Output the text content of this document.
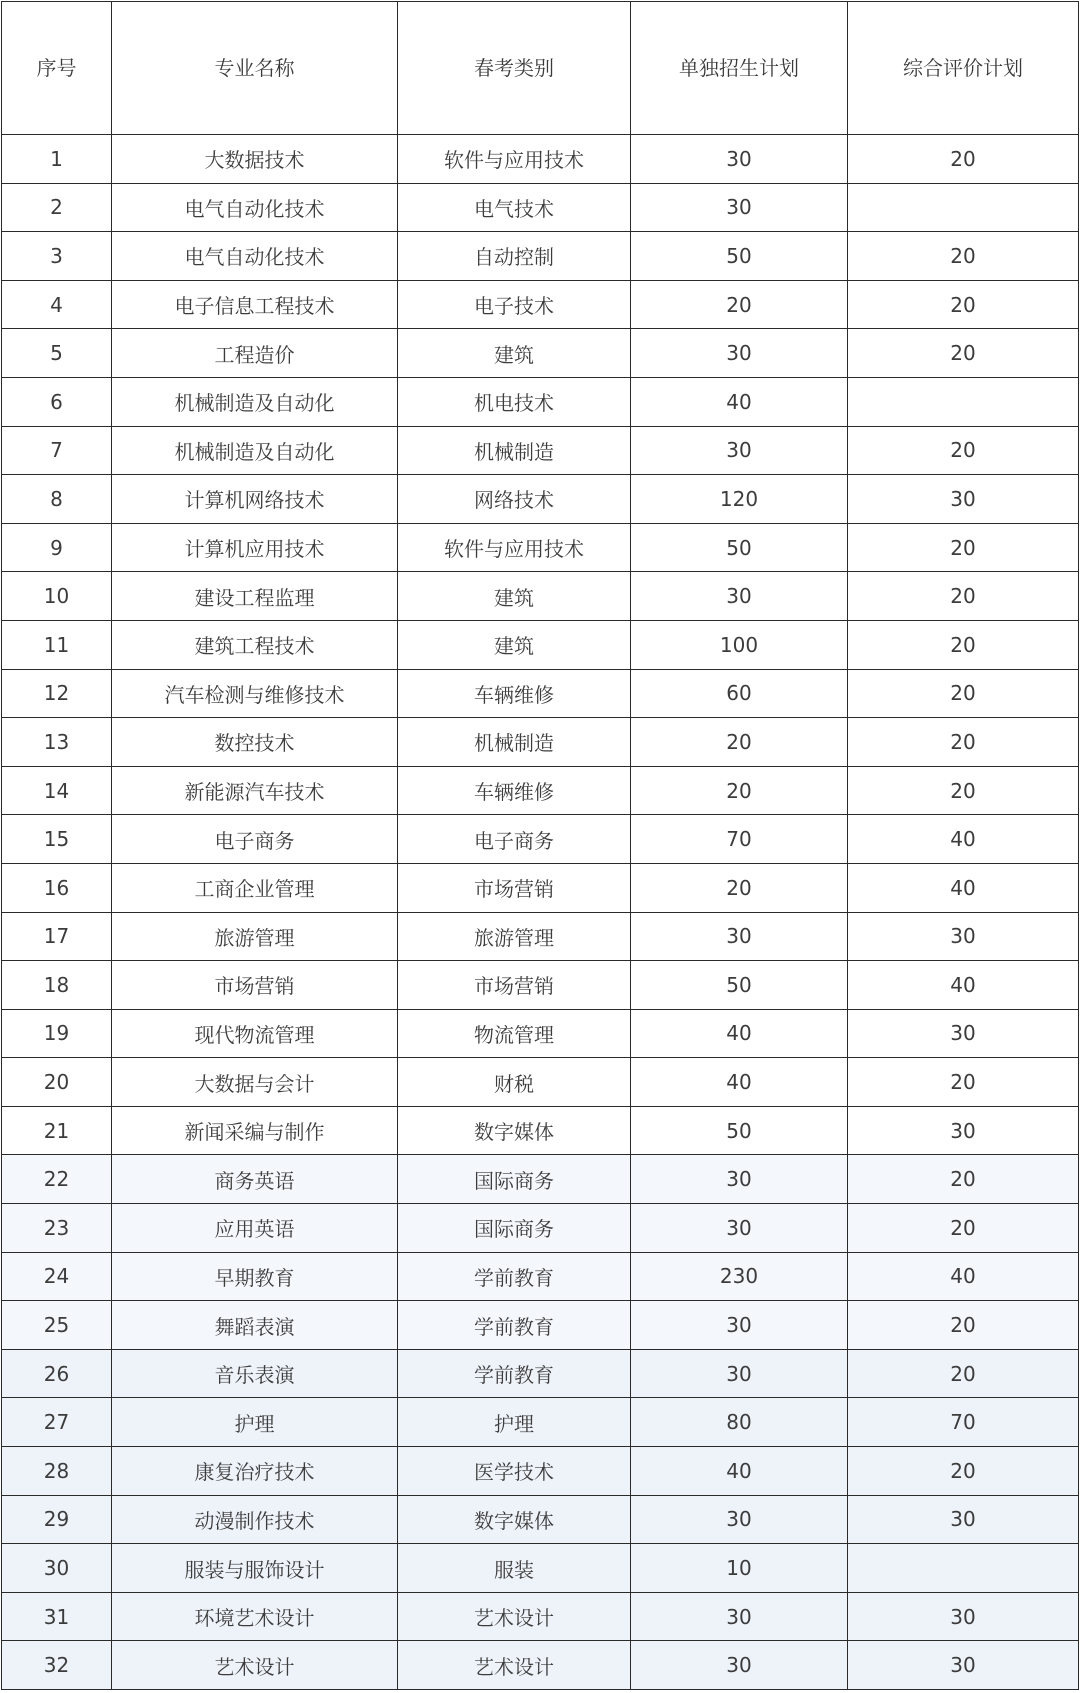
序号	专业名称	春考类别	单独招生计划	综合评价计划
1	大数据技术	软件与应用技术	30	20
2	电气自动化技术	电气技术	30	
3	电气自动化技术	自动控制	50	20
4	电子信息工程技术	电子技术	20	20
5	工程造价	建筑	30	20
6	机械制造及自动化	机电技术	40	
7	机械制造及自动化	机械制造	30	20
8	计算机网络技术	网络技术	120	30
9	计算机应用技术	软件与应用技术	50	20
10	建设工程监理	建筑	30	20
11	建筑工程技术	建筑	100	20
12	汽车检测与维修技术	车辆维修	60	20
13	数控技术	机械制造	20	20
14	新能源汽车技术	车辆维修	20	20
15	电子商务	电子商务	70	40
16	工商企业管理	市场营销	20	40
17	旅游管理	旅游管理	30	30
18	市场营销	市场营销	50	40
19	现代物流管理	物流管理	40	30
20	大数据与会计	财税	40	20
21	新闻采编与制作	数字媒体	50	30
22	商务英语	国际商务	30	20
23	应用英语	国际商务	30	20
24	早期教育	学前教育	230	40
25	舞蹈表演	学前教育	30	20
26	音乐表演	学前教育	30	20
27	护理	护理	80	70
28	康复治疗技术	医学技术	40	20
29	动漫制作技术	数字媒体	30	30
30	服装与服饰设计	服装	10	
31	环境艺术设计	艺术设计	30	30
32	艺术设计	艺术设计	30	30
